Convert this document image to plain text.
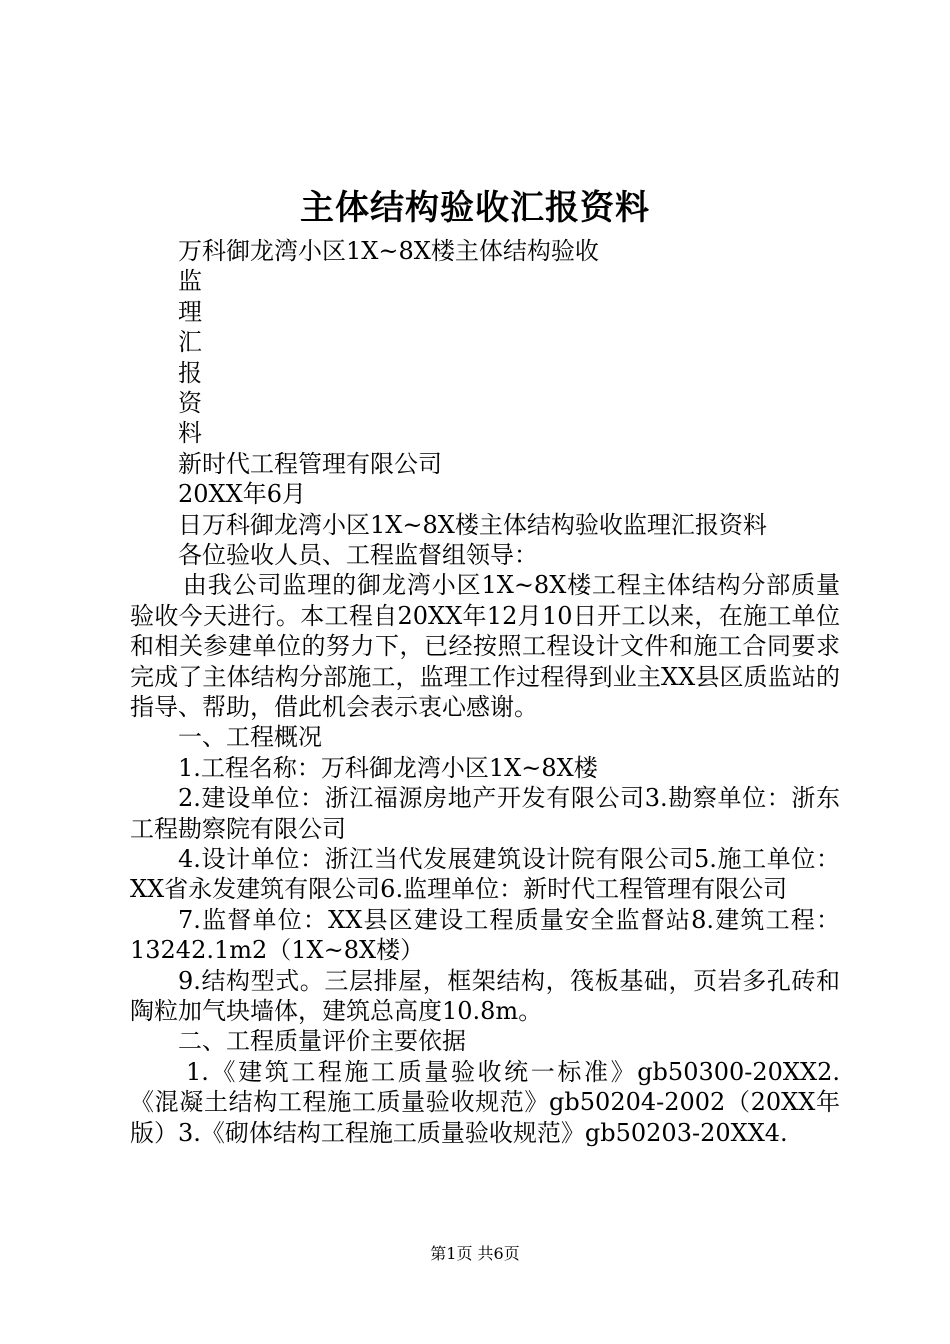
主体结构验收汇报资料
万科御龙湾小区1X~8X楼主体结构验收
监
理
汇
报
资
料
新时代工程管理有限公司
20XX年6月
日万科御龙湾小区1X~8X楼主体结构验收监理汇报资料
各位验收人员、工程监督组领导：
由我公司监理的御龙湾小区1X~8X楼工程主体结构分部质量验收今天进行。本工程自20XX年12月10日开工以来，在施工单位和相关参建单位的努力下，已经按照工程设计文件和施工合同要求完成了主体结构分部施工，监理工作过程得到业主XX县区质监站的指导、帮助，借此机会表示衷心感谢。
一、工程概况
1.工程名称：万科御龙湾小区1X~8X楼
2.建设单位：浙江福源房地产开发有限公司3.勘察单位：浙东工程勘察院有限公司
4.设计单位：浙江当代发展建筑设计院有限公司5.施工单位：XX省永发建筑有限公司6.监理单位：新时代工程管理有限公司
7.监督单位：XX县区建设工程质量安全监督站8.建筑工程：13242.1m2（1X~8X楼）
9.结构型式。三层排屋，框架结构，筏板基础，页岩多孔砖和陶粒加气块墙体，建筑总高度10.8m。
二、工程质量评价主要依据
1.《建筑工程施工质量验收统一标准》gb50300-20XX2.《混凝土结构工程施工质量验收规范》gb50204-2002（20XX年版）3.《砌体结构工程施工质量验收规范》gb50203-20XX4.
第1页 共6页
